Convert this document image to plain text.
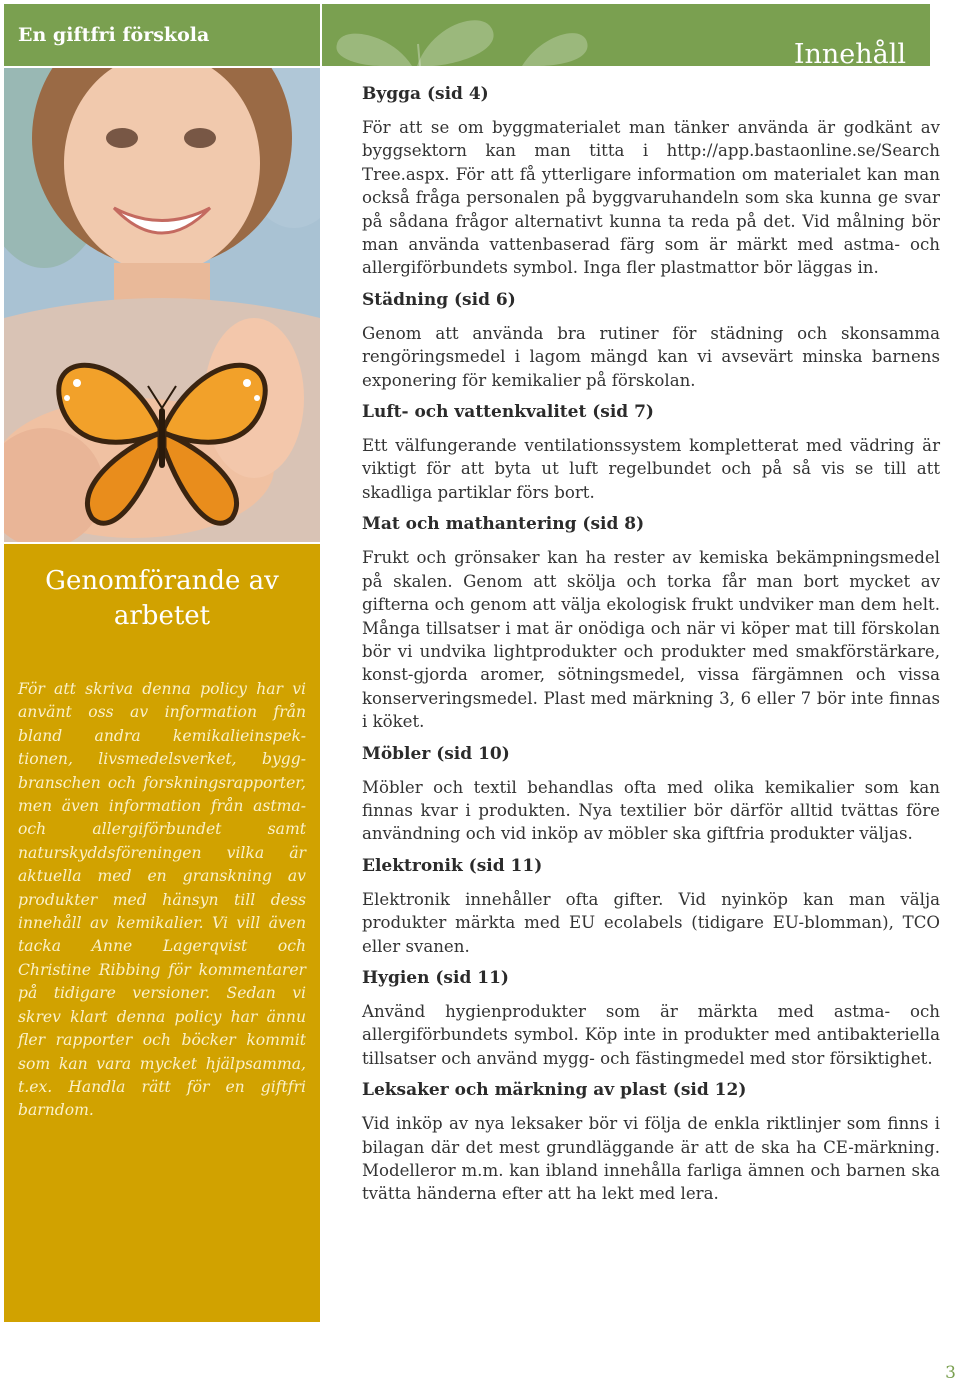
En giftfri förskola
Genomförande av arbetet

För att skriva denna policy har vi använt oss av information från bland andra kemikalieinspek-tionen, livsmedelsverket, bygg-branschen och forskningsrapporter, men även information från astma- och allergiförbundet samt naturskyddsföreningen vilka är aktuella med en granskning av produkter med hänsyn till dess innehåll av kemikalier. Vi vill även tacka Anne Lagerqvist och Christine Ribbing för kommentarer på tidigare versioner. Sedan vi skrev klart denna policy har ännu fler rapporter och böcker kommit som kan vara mycket hjälpsamma, t.ex. Handla rätt för en giftfri barndom.

Innehåll
Bygga (sid 4)

För att se om byggmaterialet man tänker använda är godkänt av byggsektorn kan man titta i http://app.bastaonline.se/Search Tree.aspx. För att få ytterligare information om materialet kan man också fråga personalen på byggvaruhandeln som ska kunna ge svar på sådana frågor alternativt kunna ta reda på det. Vid målning bör man använda vattenbaserad färg som är märkt med astma- och allergiförbundets symbol. Inga fler plastmattor bör läggas in.

Städning (sid 6)

Genom att använda bra rutiner för städning och skonsamma rengöringsmedel i lagom mängd kan vi avsevärt minska barnens exponering för kemikalier på förskolan.

Luft- och vattenkvalitet (sid 7)

Ett välfungerande ventilationssystem kompletterat med vädring är viktigt för att byta ut luft regelbundet och på så vis se till att skadliga partiklar förs bort.

Mat och mathantering (sid 8)

Frukt och grönsaker kan ha rester av kemiska bekämpningsmedel på skalen. Genom att skölja och torka får man bort mycket av gifterna och genom att välja ekologisk frukt undviker man dem helt. Många tillsatser i mat är onödiga och när vi köper mat till förskolan bör vi undvika lightprodukter och produkter med smakförstärkare, konst-gjorda aromer, sötningsmedel, vissa färgämnen och vissa konserveringsmedel. Plast med märkning 3, 6 eller 7 bör inte finnas i köket.

Möbler (sid 10)

Möbler och textil behandlas ofta med olika kemikalier som kan finnas kvar i produkten. Nya textilier bör därför alltid tvättas före användning och vid inköp av möbler ska giftfria produkter väljas.

Elektronik (sid 11)

Elektronik innehåller ofta gifter. Vid nyinköp kan man välja produkter märkta med EU ecolabels (tidigare EU-blomman), TCO eller svanen.

Hygien (sid 11)

Använd hygienprodukter som är märkta med astma- och allergiförbundets symbol. Köp inte in produkter med antibakteriella tillsatser och använd mygg- och fästingmedel med stor försiktighet.

Leksaker och märkning av plast (sid 12)

Vid inköp av nya leksaker bör vi följa de enkla riktlinjer som finns i bilagan där det mest grundläggande är att de ska ha CE-märkning. Modelleror m.m. kan ibland innehålla farliga ämnen och barnen ska tvätta händerna efter att ha lekt med lera.

3
